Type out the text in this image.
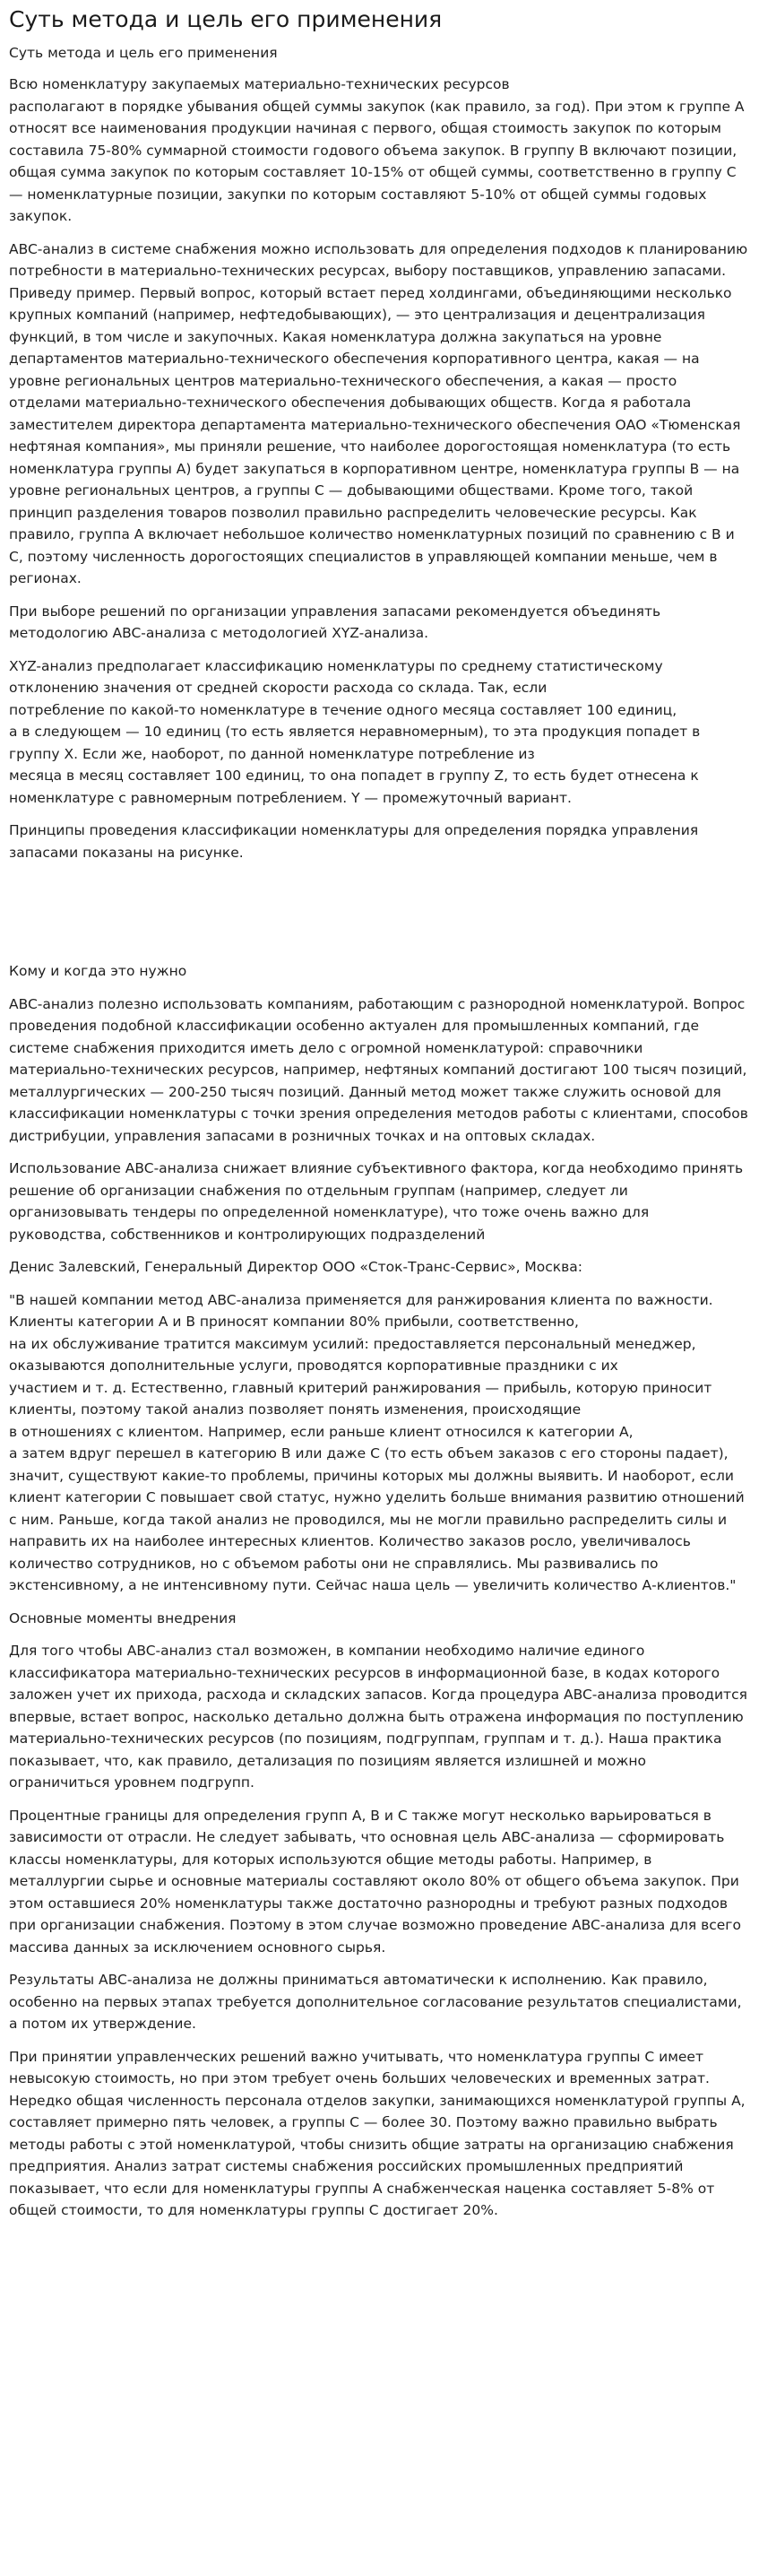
Суть метода и цель его применения
Суть метода и цель его применения

Всю номенклатуру закупаемых материально-технических ресурсов
располагают в порядке убывания общей суммы закупок (как правило, за год). При этом к группе А относят все наименования продукции начиная с первого, общая стоимость закупок по которым составила 75-80% суммарной стоимости годового объема закупок. В группу В включают позиции, общая сумма закупок по которым составляет 10-15% от общей суммы, соответственно в группу С — номенклатурные позиции, закупки по которым составляют 5-10% от общей суммы годовых закупок.

ABC-анализ в системе снабжения можно использовать для определения подходов к планированию потребности в материально-технических ресурсах, выбору поставщиков, управлению запасами. Приведу пример. Первый вопрос, который встает перед холдингами, объединяющими несколько крупных компаний (например, нефтедобывающих), — это централизация и децентрализация функций, в том числе и закупочных. Какая номенклатура должна закупаться на уровне департаментов материально-технического обеспечения корпоративного центра, какая — на уровне региональных центров материально-технического обеспечения, а какая — просто отделами материально-технического обеспечения добывающих обществ. Когда я работала заместителем директора департамента материально-технического обеспечения ОАО «Тюменская нефтяная компания», мы приняли решение, что наиболее дорогостоящая номенклатура (то есть номенклатура группы А) будет закупаться в корпоративном центре, номенклатура группы В — на уровне региональных центров, а группы С — добывающими обществами. Кроме того, такой принцип разделения товаров позволил правильно распределить человеческие ресурсы. Как правило, группа А включает небольшое количество номенклатурных позиций по сравнению с В и С, поэтому численность дорогостоящих специалистов в управляющей компании меньше, чем в регионах.

При выборе решений по организации управления запасами рекомендуется объединять методологию ABC-анализа с методологией XYZ-анализа.

XYZ-анализ предполагает классификацию номенклатуры по среднему статистическому отклонению значения от средней скорости расхода со склада. Так, если
потребление по какой-то номенклатуре в течение одного месяца составляет 100 единиц,
а в следующем — 10 единиц (то есть является неравномерным), то эта продукция попадет в группу X. Если же, наоборот, по данной номенклатуре потребление из
месяца в месяц составляет 100 единиц, то она попадет в группу Z, то есть будет отнесена к номенклатуре с равномерным потреблением. Y — промежуточный вариант.

Принципы проведения классификации номенклатуры для определения порядка управления запасами показаны на рисунке.

Кому и когда это нужно

ABC-анализ полезно использовать компаниям, работающим с разнородной номенклатурой. Вопрос проведения подобной классификации особенно актуален для промышленных компаний, где системе снабжения приходится иметь дело с огромной номенклатурой: справочники материально-технических ресурсов, например, нефтяных компаний достигают 100 тысяч позиций, металлургических — 200-250 тысяч позиций. Данный метод может также служить основой для классификации номенклатуры с точки зрения определения методов работы с клиентами, способов дистрибуции, управления запасами в розничных точках и на оптовых складах.

Использование ABC-анализа снижает влияние субъективного фактора, когда необходимо принять решение об организации снабжения по отдельным группам (например, следует ли организовывать тендеры по определенной номенклатуре), что тоже очень важно для руководства, собственников и контролирующих подразделений

Денис Залевский, Генеральный Директор ООО «Сток-Транс-Сервис», Москва:

"В нашей компании метод ABC-анализа применяется для ранжирования клиента по важности. Клиенты категории А и В приносят компании 80% прибыли, соответственно,
на их обслуживание тратится максимум усилий: предоставляется персональный менеджер, оказываются дополнительные услуги, проводятся корпоративные праздники с их
участием и т. д. Естественно, главный критерий ранжирования — прибыль, которую приносит клиенты, поэтому такой анализ позволяет понять изменения, происходящие
в отношениях с клиентом. Например, если раньше клиент относился к категории А,
а затем вдруг перешел в категорию В или даже С (то есть объем заказов с его стороны падает), значит, существуют какие-то проблемы, причины которых мы должны выявить. И наоборот, если клиент категории С повышает свой статус, нужно уделить больше внимания развитию отношений с ним. Раньше, когда такой анализ не проводился, мы не могли правильно распределить силы и направить их на наиболее интересных клиентов. Количество заказов росло, увеличивалось количество сотрудников, но с объемом работы они не справлялись. Мы развивались по экстенсивному, а не интенсивному пути. Сейчас наша цель — увеличить количество А-клиентов."

Основные моменты внедрения

Для того чтобы ABC-анализ стал возможен, в компании необходимо наличие единого классификатора материально-технических ресурсов в информационной базе, в кодах которого заложен учет их прихода, расхода и складских запасов. Когда процедура ABC-анализа проводится впервые, встает вопрос, насколько детально должна быть отражена информация по поступлению материально-технических ресурсов (по позициям, подгруппам, группам и т. д.). Наша практика показывает, что, как правило, детализация по позициям является излишней и можно ограничиться уровнем подгрупп.

Процентные границы для определения групп А, В и С также могут несколько варьироваться в зависимости от отрасли. Не следует забывать, что основная цель ABC-анализа — сформировать классы номенклатуры, для которых используются общие методы работы. Например, в металлургии сырье и основные материалы составляют около 80% от общего объема закупок. При этом оставшиеся 20% номенклатуры также достаточно разнородны и требуют разных подходов при организации снабжения. Поэтому в этом случае возможно проведение ABC-анализа для всего массива данных за исключением основного сырья.

Результаты ABC-анализа не должны приниматься автоматически к исполнению. Как правило, особенно на первых этапах требуется дополнительное согласование результатов специалистами, а потом их утверждение.

При принятии управленческих решений важно учитывать, что номенклатура группы С имеет невысокую стоимость, но при этом требует очень больших человеческих и временных затрат. Нередко общая численность персонала отделов закупки, занимающихся номенклатурой группы А, составляет примерно пять человек, а группы С — более 30. Поэтому важно правильно выбрать методы работы с этой номенклатурой, чтобы снизить общие затраты на организацию снабжения предприятия. Анализ затрат системы снабжения российских промышленных предприятий показывает, что если для номенклатуры группы А снабженческая наценка составляет 5-8% от общей стоимости, то для номенклатуры группы С достигает 20%.
